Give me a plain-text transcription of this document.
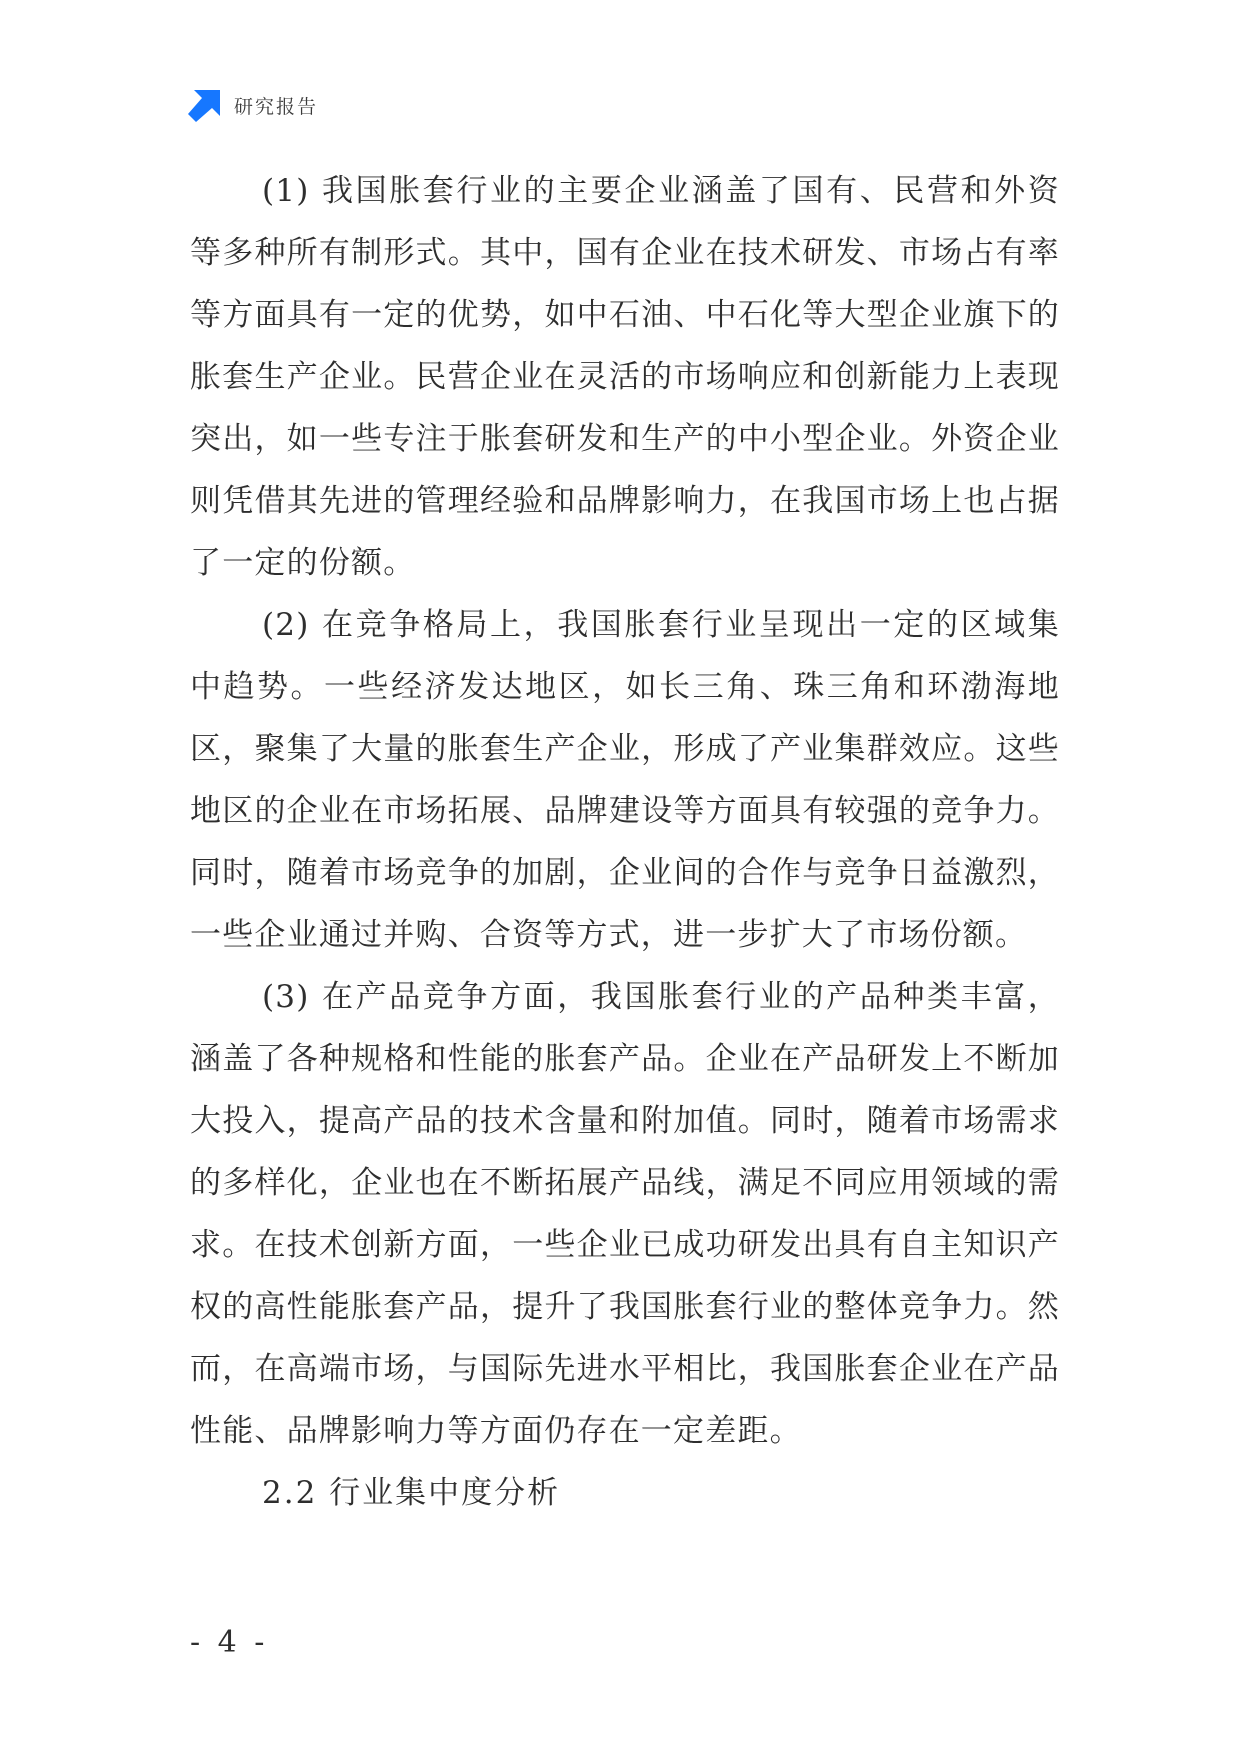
研究报告

(1) 我国胀套行业的主要企业涵盖了国有、民营和外资等多种所有制形式。其中，国有企业在技术研发、市场占有率等方面具有一定的优势，如中石油、中石化等大型企业旗下的胀套生产企业。民营企业在灵活的市场响应和创新能力上表现突出，如一些专注于胀套研发和生产的中小型企业。外资企业则凭借其先进的管理经验和品牌影响力，在我国市场上也占据了一定的份额。

(2) 在竞争格局上，我国胀套行业呈现出一定的区域集中趋势。一些经济发达地区，如长三角、珠三角和环渤海地区，聚集了大量的胀套生产企业，形成了产业集群效应。这些地区的企业在市场拓展、品牌建设等方面具有较强的竞争力。同时，随着市场竞争的加剧，企业间的合作与竞争日益激烈，一些企业通过并购、合资等方式，进一步扩大了市场份额。

(3) 在产品竞争方面，我国胀套行业的产品种类丰富，涵盖了各种规格和性能的胀套产品。企业在产品研发上不断加大投入，提高产品的技术含量和附加值。同时，随着市场需求的多样化，企业也在不断拓展产品线，满足不同应用领域的需求。在技术创新方面，一些企业已成功研发出具有自主知识产权的高性能胀套产品，提升了我国胀套行业的整体竞争力。然而，在高端市场，与国际先进水平相比，我国胀套企业在产品性能、品牌影响力等方面仍存在一定差距。

2.2 行业集中度分析

- 4 -
